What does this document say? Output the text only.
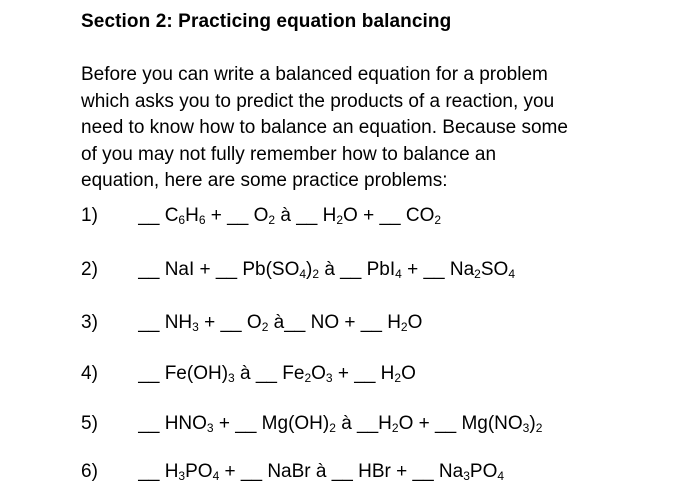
Section 2: Practicing equation balancing
Before you can write a balanced equation for a problem
which asks you to predict the products of a reaction, you
need to know how to balance an equation. Because some
of you may not fully remember how to balance an
equation, here are some practice problems:
1) __ $C_6H_6$ + __ $O_2$ à __ $H_2O$ + __ $CO_2$
2) __ NaI + __ $Pb(SO_4)_2$ à __ PbI$_4$ + __ $Na_2SO_4$
3) __ $NH_3$ + __ $O_2$ à__ NO + __ $H_2O$
4) __ $Fe(OH)_3$ à __ $Fe_2O_3$ + __ $H_2O$
5) __ $HNO_3$ + __ $Mg(OH)_2$ à $\_\_H_2O$ + __ $Mg(NO_3)_2$
6) __ $H_3PO_4$ + __ NaBr à __ HBr + __ $Na_3PO_4$
